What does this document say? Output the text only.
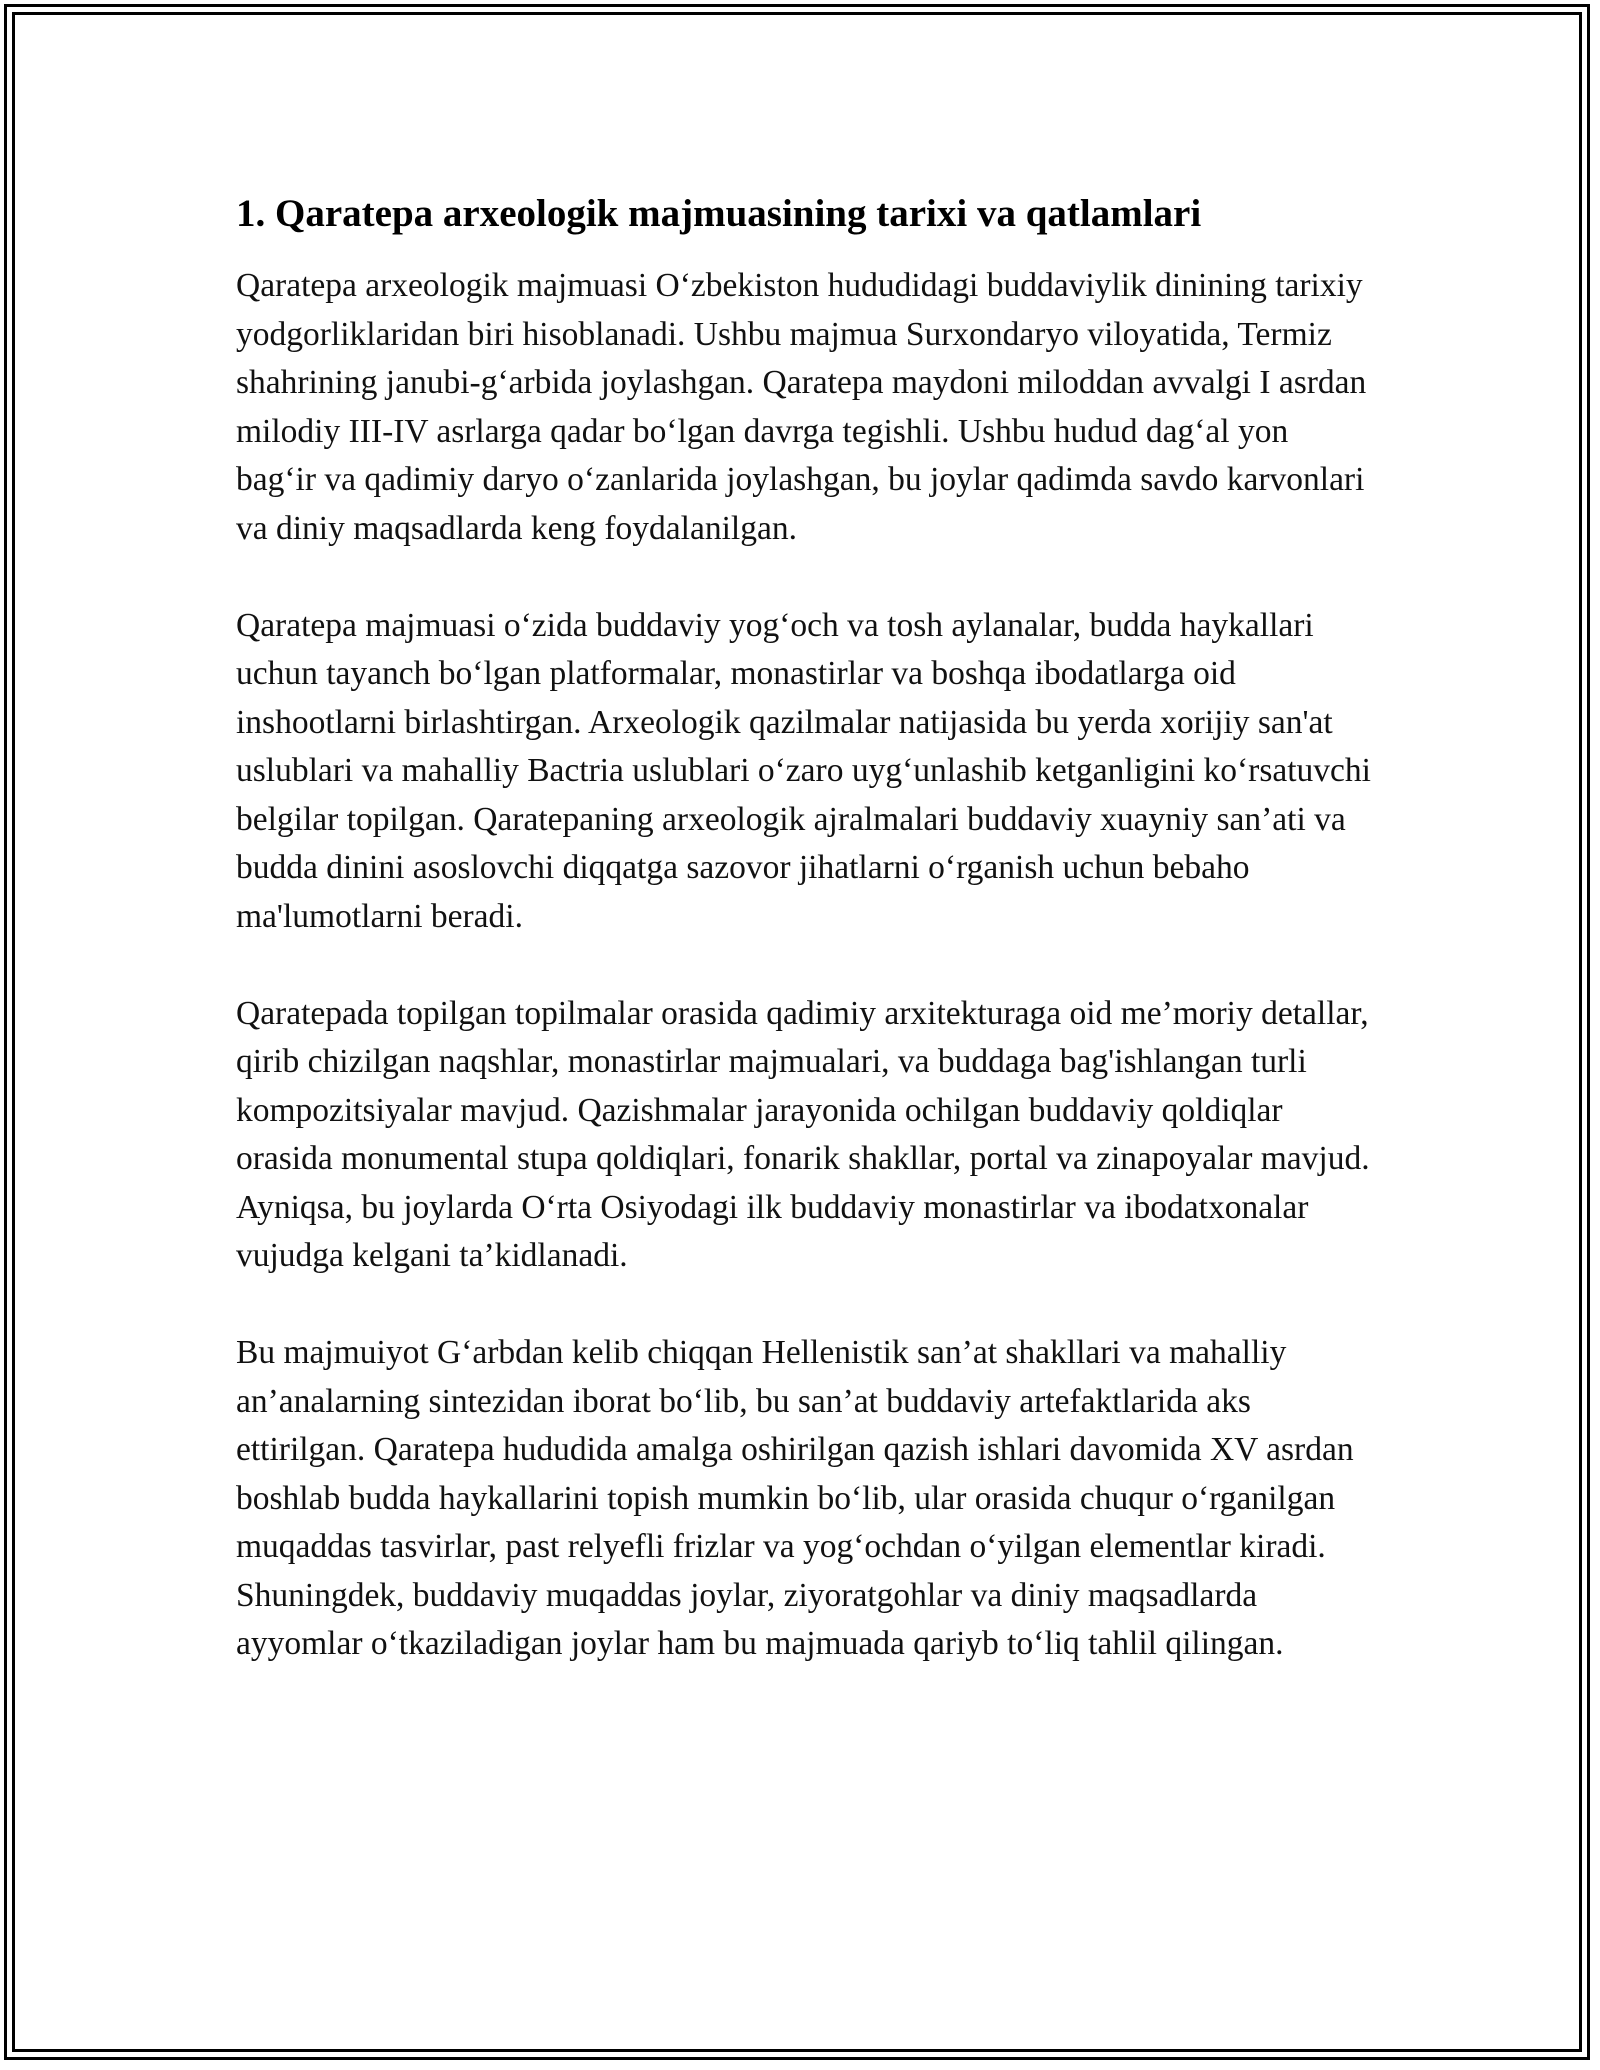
1. Qaratepa arxeologik majmuasining tarixi va qatlamlari

Qaratepa arxeologik majmuasi O‘zbekiston hududidagi buddaviylik dinining tarixiy yodgorliklaridan biri hisoblanadi. Ushbu majmua Surxondaryo viloyatida, Termiz shahrining janubi-g‘arbida joylashgan. Qaratepa maydoni miloddan avvalgi I asrdan milodiy III-IV asrlarga qadar bo‘lgan davrga tegishli. Ushbu hudud dag‘al yon bag‘ir va qadimiy daryo o‘zanlarida joylashgan, bu joylar qadimda savdo karvonlari va diniy maqsadlarda keng foydalanilgan.

Qaratepa majmuasi o‘zida buddaviy yog‘och va tosh aylanalar, budda haykallari uchun tayanch bo‘lgan platformalar, monastirlar va boshqa ibodatlarga oid inshootlarni birlashtirgan. Arxeologik qazilmalar natijasida bu yerda xorijiy san'at uslublari va mahalliy Bactria uslublari o‘zaro uyg‘unlashib ketganligini ko‘rsatuvchi belgilar topilgan. Qaratepaning arxeologik ajralmalari buddaviy xuayniy san’ati va budda dinini asoslovchi diqqatga sazovor jihatlarni o‘rganish uchun bebaho ma'lumotlarni beradi.

Qaratepada topilgan topilmalar orasida qadimiy arxitekturaga oid me’moriy detallar, qirib chizilgan naqshlar, monastirlar majmualari, va buddaga bag'ishlangan turli kompozitsiyalar mavjud. Qazishmalar jarayonida ochilgan buddaviy qoldiqlar orasida monumental stupa qoldiqlari, fonarik shakllar, portal va zinapoyalar mavjud. Ayniqsa, bu joylarda O‘rta Osiyodagi ilk buddaviy monastirlar va ibodatxonalar vujudga kelgani ta’kidlanadi.

Bu majmuiyot G‘arbdan kelib chiqqan Hellenistik san’at shakllari va mahalliy an’analarning sintezidan iborat bo‘lib, bu san’at buddaviy artefaktlarida aks ettirilgan. Qaratepa hududida amalga oshirilgan qazish ishlari davomida XV asrdan boshlab budda haykallarini topish mumkin bo‘lib, ular orasida chuqur o‘rganilgan muqaddas tasvirlar, past relyefli frizlar va yog‘ochdan o‘yilgan elementlar kiradi. Shuningdek, buddaviy muqaddas joylar, ziyoratgohlar va diniy maqsadlarda ayyomlar o‘tkaziladigan joylar ham bu majmuada qariyb to‘liq tahlil qilingan.
